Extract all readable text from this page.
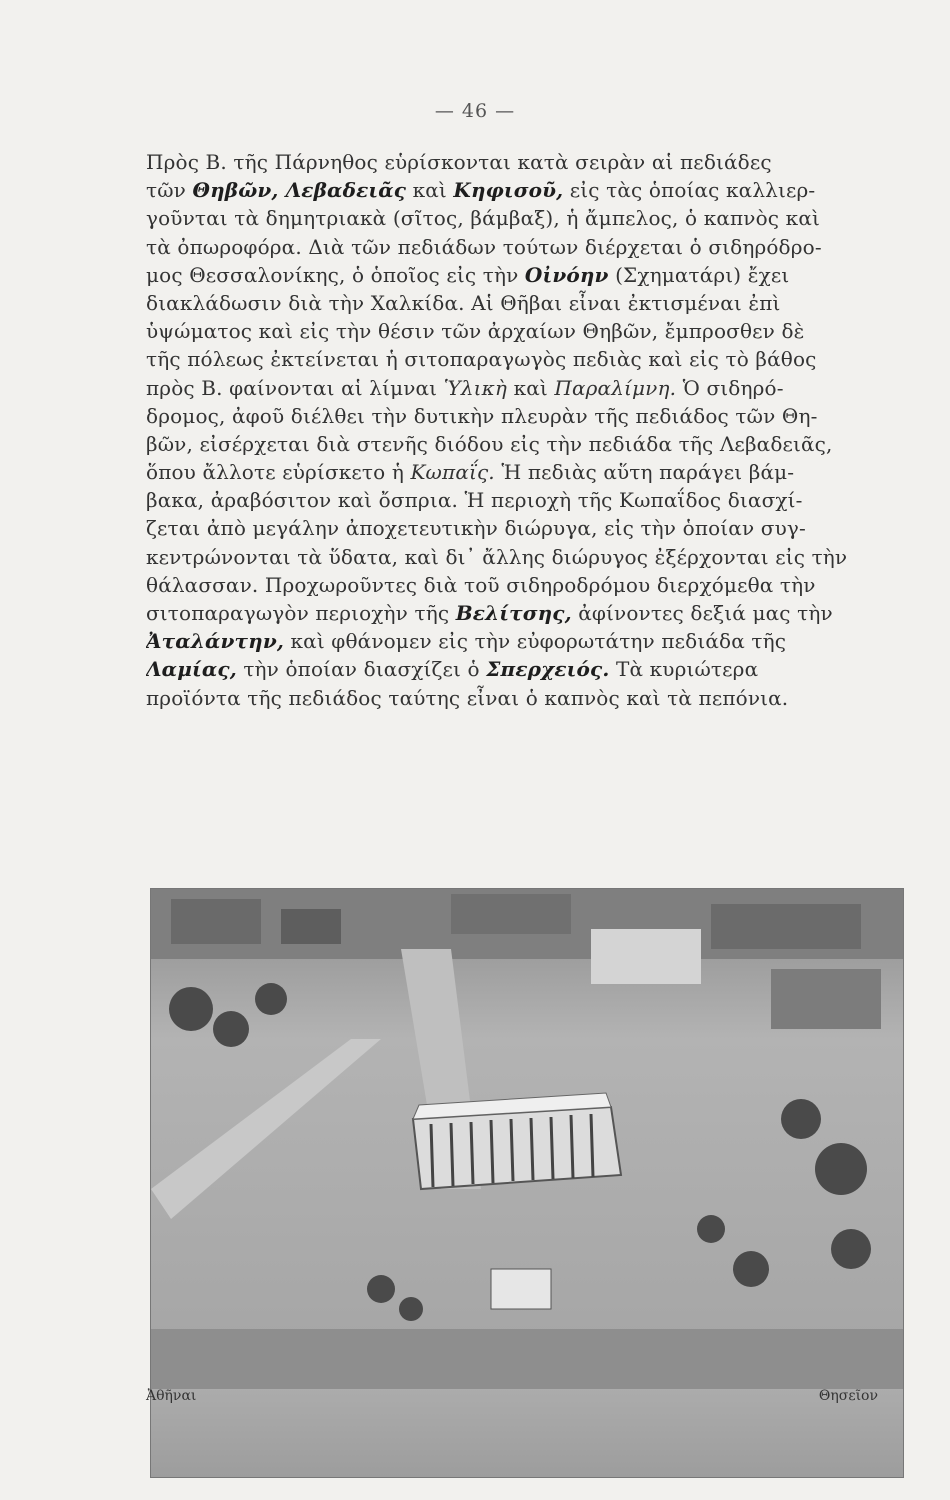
— 46 —
Πρὸς Β. τῆς Πάρνηθος εὑρίσκονται κατὰ σειρὰν αἱ πεδιάδες
τῶν Θηβῶν, Λεβαδειᾶς καὶ Κηφισοῦ, εἰς τὰς ὁποίας καλλιερ-
γοῦνται τὰ δημητριακὰ (σῖτος, βάμβαξ), ἡ ἄμπελος, ὁ καπνὸς καὶ
τὰ ὀπωροφόρα. Διὰ τῶν πεδιάδων τούτων διέρχεται ὁ σιδηρόδρο-
μος Θεσσαλονίκης, ὁ ὁποῖος εἰς τὴν Οἰνόην (Σχηματάρι) ἔχει
διακλάδωσιν διὰ τὴν Χαλκίδα. Αἱ Θῆβαι εἶναι ἐκτισμέναι ἐπὶ
ὑψώματος καὶ εἰς τὴν θέσιν τῶν ἀρχαίων Θηβῶν, ἔμπροσθεν δὲ
τῆς πόλεως ἐκτείνεται ἡ σιτοπαραγωγὸς πεδιὰς καὶ εἰς τὸ βάθος
πρὸς Β. φαίνονται αἱ λίμναι Ὑλικὴ καὶ Παραλίμνη. Ὁ σιδηρό-
δρομος, ἀφοῦ διέλθει τὴν δυτικὴν πλευρὰν τῆς πεδιάδος τῶν Θη-
βῶν, εἰσέρχεται διὰ στενῆς διόδου εἰς τὴν πεδιάδα τῆς Λεβαδειᾶς,
ὅπου ἄλλοτε εὑρίσκετο ἡ Κωπαΐς. Ἡ πεδιὰς αὕτη παράγει βάμ-
βακα, ἀραβόσιτον καὶ ὄσπρια. Ἡ περιοχὴ τῆς Κωπαΐδος διασχί-
ζεται ἀπὸ μεγάλην ἀποχετευτικὴν διώρυγα, εἰς τὴν ὁποίαν συγ-
κεντρώνονται τὰ ὕδατα, καὶ δι᾽ ἄλλης διώρυγος ἐξέρχονται εἰς τὴν
θάλασσαν. Προχωροῦντες διὰ τοῦ σιδηροδρόμου διερχόμεθα τὴν
σιτοπαραγωγὸν περιοχὴν τῆς Βελίτσης, ἀφίνοντες δεξιά μας τὴν
Ἀταλάντην, καὶ φθάνομεν εἰς τὴν εὐφορωτάτην πεδιάδα τῆς
Λαμίας, τὴν ὁποίαν διασχίζει ὁ Σπερχειός. Τὰ κυριώτερα
προϊόντα τῆς πεδιάδος ταύτης εἶναι ὁ καπνὸς καὶ τὰ πεπόνια.
Ἀθῆναι	Θησεῖον
